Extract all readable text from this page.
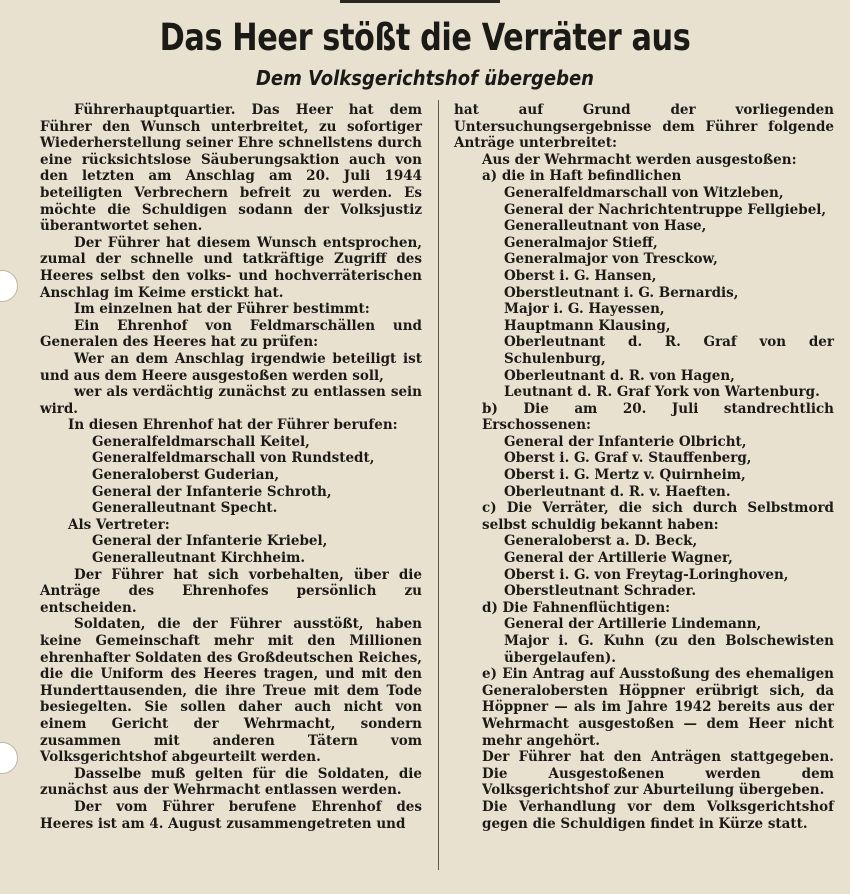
Das Heer stößt die Verräter aus
Dem Volksgerichtshof übergeben

Führerhauptquartier. Das Heer hat dem Führer den Wunsch unterbreitet, zu sofortiger Wiederherstellung seiner Ehre schnellstens durch eine rücksichtslose Säuberungsaktion auch von den letzten am Anschlag am 20. Juli 1944 beteiligten Verbrechern befreit zu werden. Es möchte die Schuldigen sodann der Volksjustiz überantwortet sehen.

Der Führer hat diesem Wunsch entsprochen, zumal der schnelle und tatkräftige Zugriff des Heeres selbst den volks- und hochverräterischen Anschlag im Keime erstickt hat.

Im einzelnen hat der Führer bestimmt:

Ein Ehrenhof von Feldmarschällen und Generalen des Heeres hat zu prüfen:

Wer an dem Anschlag irgendwie beteiligt ist und aus dem Heere ausgestoßen werden soll,

wer als verdächtig zunächst zu entlassen sein wird.

In diesen Ehrenhof hat der Führer berufen:

Generalfeldmarschall Keitel,

Generalfeldmarschall von Rundstedt,

Generaloberst Guderian,

General der Infanterie Schroth,

Generalleutnant Specht.

Als Vertreter:

General der Infanterie Kriebel,

Generalleutnant Kirchheim.

Der Führer hat sich vorbehalten, über die Anträge des Ehrenhofes persönlich zu entscheiden.

Soldaten, die der Führer ausstößt, haben keine Gemeinschaft mehr mit den Millionen ehrenhafter Soldaten des Großdeutschen Reiches, die die Uniform des Heeres tragen, und mit den Hunderttausenden, die ihre Treue mit dem Tode besiegelten. Sie sollen daher auch nicht von einem Gericht der Wehrmacht, sondern zusammen mit anderen Tätern vom Volksgerichtshof abgeurteilt werden.

Dasselbe muß gelten für die Soldaten, die zunächst aus der Wehrmacht entlassen werden.

Der vom Führer berufene Ehrenhof des Heeres ist am 4. August zusammengetreten und

hat auf Grund der vorliegenden Untersuchungsergebnisse dem Führer folgende Anträge unterbreitet:

Aus der Wehrmacht werden ausgestoßen:

a) die in Haft befindlichen

Generalfeldmarschall von Witzleben,

General der Nachrichtentruppe Fellgiebel,

Generalleutnant von Hase,

Generalmajor Stieff,

Generalmajor von Tresckow,

Oberst i. G. Hansen,

Oberstleutnant i. G. Bernardis,

Major i. G. Hayessen,

Hauptmann Klausing,

Oberleutnant d. R. Graf von der Schulenburg,

Oberleutnant d. R. von Hagen,

Leutnant d. R. Graf York von Wartenburg.

b) Die am 20. Juli standrechtlich Erschossenen:

General der Infanterie Olbricht,

Oberst i. G. Graf v. Stauffenberg,

Oberst i. G. Mertz v. Quirnheim,

Oberleutnant d. R. v. Haeften.

c) Die Verräter, die sich durch Selbstmord selbst schuldig bekannt haben:

Generaloberst a. D. Beck,

General der Artillerie Wagner,

Oberst i. G. von Freytag-Loringhoven,

Oberstleutnant Schrader.

d) Die Fahnenflüchtigen:

General der Artillerie Lindemann,

Major i. G. Kuhn (zu den Bolschewisten übergelaufen).

e) Ein Antrag auf Ausstoßung des ehemaligen Generalobersten Höppner erübrigt sich, da Höppner — als im Jahre 1942 bereits aus der Wehrmacht ausgestoßen — dem Heer nicht mehr angehört.

Der Führer hat den Anträgen stattgegeben. Die Ausgestoßenen werden dem Volksgerichtshof zur Aburteilung übergeben.

Die Verhandlung vor dem Volksgerichtshof gegen die Schuldigen findet in Kürze statt.
